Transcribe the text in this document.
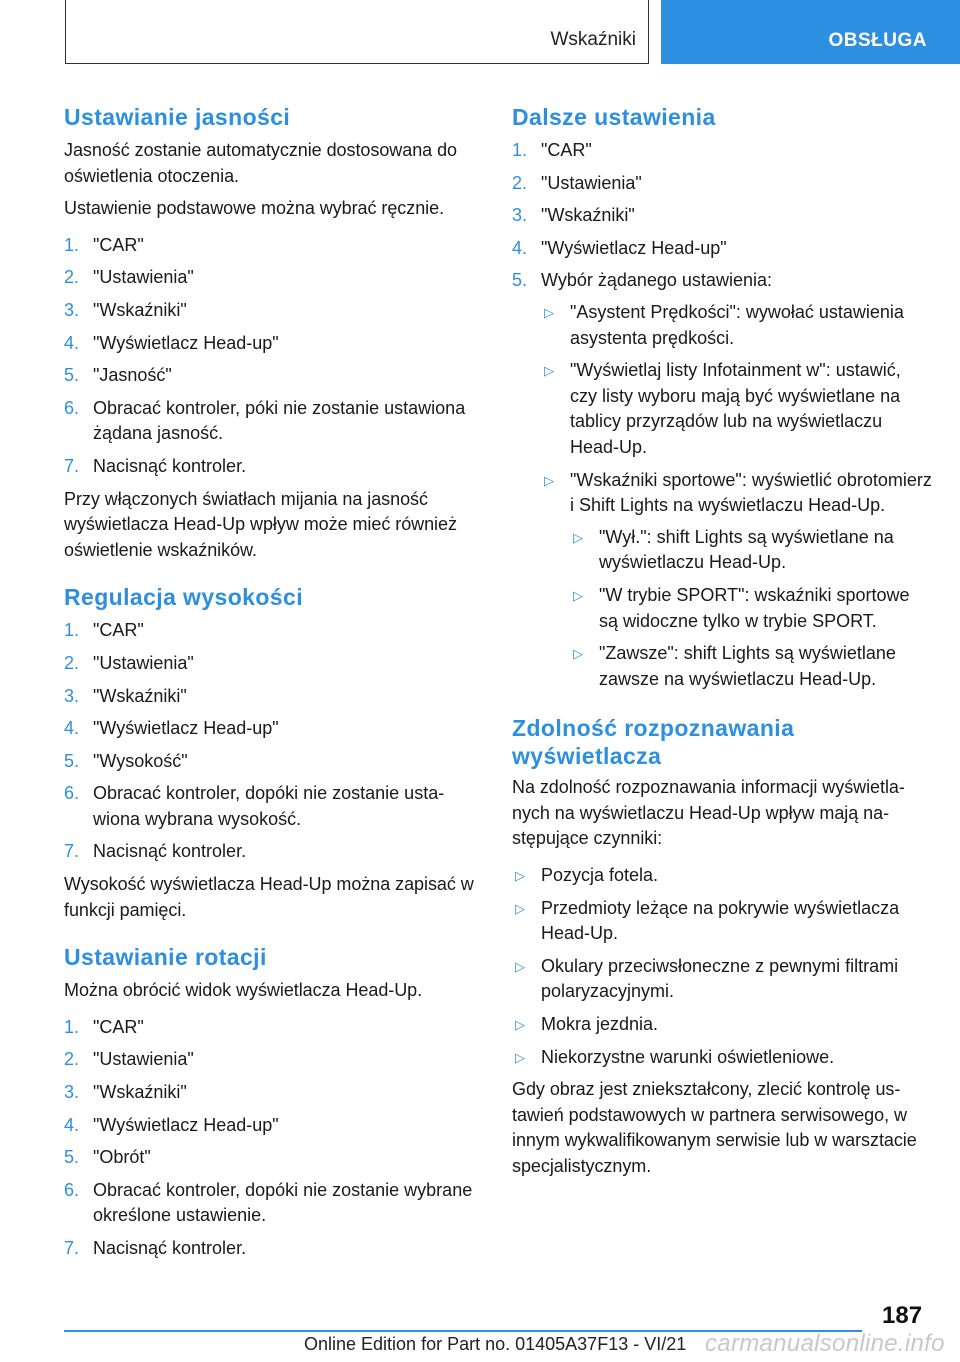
Wskaźniki	OBSŁUGA
Ustawianie jasności

Jasność zostanie automatycznie dostosowana do oświetlenia otoczenia.

Ustawienie podstawowe można wybrać ręcznie.

1. "CAR"
2. "Ustawienia"
3. "Wskaźniki"
4. "Wyświetlacz Head-up"
5. "Jasność"
6. Obracać kontroler, póki nie zostanie ustawiona żądana jasność.
7. Nacisnąć kontroler.

Przy włączonych światłach mijania na jasność wyświetlacza Head-Up wpływ może mieć również oświetlenie wskaźników.

Regulacja wysokości
1. "CAR"
2. "Ustawienia"
3. "Wskaźniki"
4. "Wyświetlacz Head-up"
5. "Wysokość"
6. Obracać kontroler, dopóki nie zostanie ustawiona wybrana wysokość.
7. Nacisnąć kontroler.

Wysokość wyświetlacza Head-Up można zapisać w funkcji pamięci.

Ustawianie rotacji

Można obrócić widok wyświetlacza Head-Up.

1. "CAR"
2. "Ustawienia"
3. "Wskaźniki"
4. "Wyświetlacz Head-up"
5. "Obrót"
6. Obracać kontroler, dopóki nie zostanie wybrane określone ustawienie.
7. Nacisnąć kontroler.
Dalsze ustawienia
1. "CAR"
2. "Ustawienia"
3. "Wskaźniki"
4. "Wyświetlacz Head-up"
5. Wybór żądanego ustawienia:
▷ "Asystent Prędkości": wywołać ustawienia asystenta prędkości.
▷ "Wyświetlaj listy Infotainment w": ustawić, czy listy wyboru mają być wyświetlane na tablicy przyrządów lub na wyświetlaczu Head-Up.
▷ "Wskaźniki sportowe": wyświetlić obrotomierz i Shift Lights na wyświetlaczu Head-Up.
▷ "Wył.": shift Lights są wyświetlane na wyświetlaczu Head-Up.
▷ "W trybie SPORT": wskaźniki sportowe są widoczne tylko w trybie SPORT.
▷ "Zawsze": shift Lights są wyświetlane zawsze na wyświetlaczu Head-Up.
Zdolność rozpoznawania wyświetlacza

Na zdolność rozpoznawania informacji wyświetlanych na wyświetlaczu Head-Up wpływ mają następujące czynniki:

▷ Pozycja fotela.
▷ Przedmioty leżące na pokrywie wyświetlacza Head-Up.
▷ Okulary przeciwsłoneczne z pewnymi filtrami polaryzacyjnymi.
▷ Mokra jezdnia.
▷ Niekorzystne warunki oświetleniowe.

Gdy obraz jest zniekształcony, zlecić kontrolę ustawień podstawowych w partnera serwisowego, w innym wykwalifikowanym serwisie lub w warsztacie specjalistycznym.

187
Online Edition for Part no. 01405A37F13 - VI/21 carmanualsonline.info
